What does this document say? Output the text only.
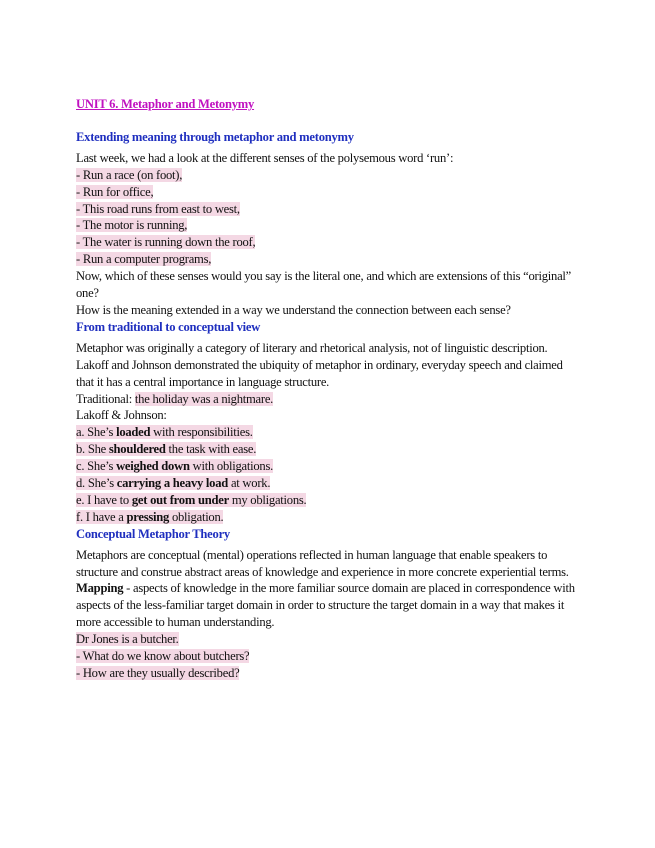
UNIT 6. Metaphor and Metonymy
Extending meaning through metaphor and metonymy

Last week, we had a look at the different senses of the polysemous word ‘run’:

- Run a race (on foot),

- Run for office,

- This road runs from east to west,

- The motor is running,

- The water is running down the roof,

- Run a computer programs,

Now, which of these senses would you say is the literal one, and which are extensions of this “original” one?

How is the meaning extended in a way we understand the connection between each sense?

From traditional to conceptual view

Metaphor was originally a category of literary and rhetorical analysis, not of linguistic description.

Lakoff and Johnson demonstrated the ubiquity of metaphor in ordinary, everyday speech and claimed that it has a central importance in language structure.

Traditional: the holiday was a nightmare.

Lakoff & Johnson:

a. She’s loaded with responsibilities.

b. She shouldered the task with ease.

c. She’s weighed down with obligations.

d. She’s carrying a heavy load at work.

e. I have to get out from under my obligations.

f. I have a pressing obligation.

Conceptual Metaphor Theory

Metaphors are conceptual (mental) operations reflected in human language that enable speakers to structure and construe abstract areas of knowledge and experience in more concrete experiential terms.

Mapping - aspects of knowledge in the more familiar source domain are placed in correspondence with aspects of the less-familiar target domain in order to structure the target domain in a way that makes it more accessible to human understanding.

Dr Jones is a butcher.

- What do we know about butchers?

- How are they usually described?
